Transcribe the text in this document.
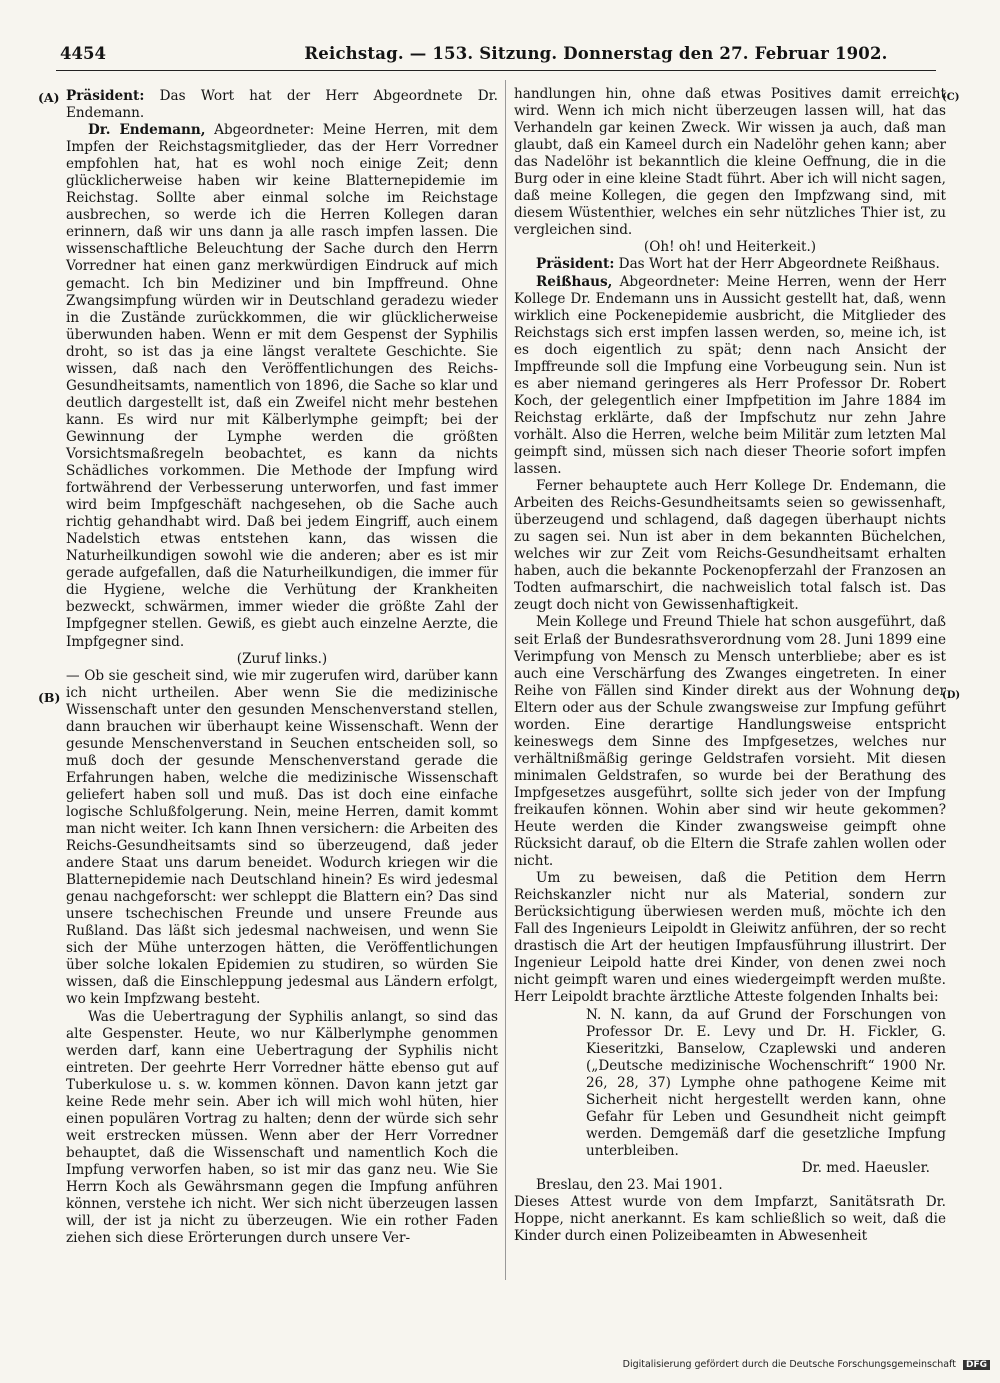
4454	Reichstag. — 153. Sitzung. Donnerstag den 27. Februar 1902.
(A)
(B)
(C)
(D)

Präsident: Das Wort hat der Herr Abgeordnete Dr. Endemann.

Dr. Endemann, Abgeordneter: Meine Herren, mit dem Impfen der Reichstagsmitglieder, das der Herr Vorredner empfohlen hat, hat es wohl noch einige Zeit; denn glücklicherweise haben wir keine Blatternepidemie im Reichstag. Sollte aber einmal solche im Reichstage ausbrechen, so werde ich die Herren Kollegen daran erinnern, daß wir uns dann ja alle rasch impfen lassen. Die wissenschaftliche Beleuchtung der Sache durch den Herrn Vorredner hat einen ganz merkwürdigen Eindruck auf mich gemacht. Ich bin Mediziner und bin Impffreund. Ohne Zwangsimpfung würden wir in Deutschland geradezu wieder in die Zustände zurückkommen, die wir glücklicherweise überwunden haben. Wenn er mit dem Gespenst der Syphilis droht, so ist das ja eine längst veraltete Geschichte. Sie wissen, daß nach den Veröffentlichungen des Reichs-Gesundheitsamts, namentlich von 1896, die Sache so klar und deutlich dargestellt ist, daß ein Zweifel nicht mehr bestehen kann. Es wird nur mit Kälberlymphe geimpft; bei der Gewinnung der Lymphe werden die größten Vorsichtsmaßregeln beobachtet, es kann da nichts Schädliches vorkommen. Die Methode der Impfung wird fortwährend der Verbesserung unterworfen, und fast immer wird beim Impfgeschäft nachgesehen, ob die Sache auch richtig gehandhabt wird. Daß bei jedem Eingriff, auch einem Nadelstich etwas entstehen kann, das wissen die Naturheilkundigen sowohl wie die anderen; aber es ist mir gerade aufgefallen, daß die Naturheilkundigen, die immer für die Hygiene, welche die Verhütung der Krankheiten bezweckt, schwärmen, immer wieder die größte Zahl der Impfgegner stellen. Gewiß, es giebt auch einzelne Aerzte, die Impfgegner sind.

(Zuruf links.)

— Ob sie gescheit sind, wie mir zugerufen wird, darüber kann ich nicht urtheilen. Aber wenn Sie die medizinische Wissenschaft unter den gesunden Menschenverstand stellen, dann brauchen wir überhaupt keine Wissenschaft. Wenn der gesunde Menschenverstand in Seuchen entscheiden soll, so muß doch der gesunde Menschenverstand gerade die Erfahrungen haben, welche die medizinische Wissenschaft geliefert haben soll und muß. Das ist doch eine einfache logische Schlußfolgerung. Nein, meine Herren, damit kommt man nicht weiter. Ich kann Ihnen versichern: die Arbeiten des Reichs-Gesundheitsamts sind so überzeugend, daß jeder andere Staat uns darum beneidet. Wodurch kriegen wir die Blatternepidemie nach Deutschland hinein? Es wird jedesmal genau nachgeforscht: wer schleppt die Blattern ein? Das sind unsere tschechischen Freunde und unsere Freunde aus Rußland. Das läßt sich jedesmal nachweisen, und wenn Sie sich der Mühe unterzogen hätten, die Veröffentlichungen über solche lokalen Epidemien zu studiren, so würden Sie wissen, daß die Einschleppung jedesmal aus Ländern erfolgt, wo kein Impfzwang besteht.

Was die Uebertragung der Syphilis anlangt, so sind das alte Gespenster. Heute, wo nur Kälberlymphe genommen werden darf, kann eine Uebertragung der Syphilis nicht eintreten. Der geehrte Herr Vorredner hätte ebenso gut auf Tuberkulose u. s. w. kommen können. Davon kann jetzt gar keine Rede mehr sein. Aber ich will mich wohl hüten, hier einen populären Vortrag zu halten; denn der würde sich sehr weit erstrecken müssen. Wenn aber der Herr Vorredner behauptet, daß die Wissenschaft und namentlich Koch die Impfung verworfen haben, so ist mir das ganz neu. Wie Sie Herrn Koch als Gewährsmann gegen die Impfung anführen können, verstehe ich nicht. Wer sich nicht überzeugen lassen will, der ist ja nicht zu überzeugen. Wie ein rother Faden ziehen sich diese Erörterungen durch unsere Ver-

handlungen hin, ohne daß etwas Positives damit erreicht wird. Wenn ich mich nicht überzeugen lassen will, hat das Verhandeln gar keinen Zweck. Wir wissen ja auch, daß man glaubt, daß ein Kameel durch ein Nadelöhr gehen kann; aber das Nadelöhr ist bekanntlich die kleine Oeffnung, die in die Burg oder in eine kleine Stadt führt. Aber ich will nicht sagen, daß meine Kollegen, die gegen den Impfzwang sind, mit diesem Wüstenthier, welches ein sehr nützliches Thier ist, zu vergleichen sind.

(Oh! oh! und Heiterkeit.)

Präsident: Das Wort hat der Herr Abgeordnete Reißhaus.

Reißhaus, Abgeordneter: Meine Herren, wenn der Herr Kollege Dr. Endemann uns in Aussicht gestellt hat, daß, wenn wirklich eine Pockenepidemie ausbricht, die Mitglieder des Reichstags sich erst impfen lassen werden, so, meine ich, ist es doch eigentlich zu spät; denn nach Ansicht der Impffreunde soll die Impfung eine Vorbeugung sein. Nun ist es aber niemand geringeres als Herr Professor Dr. Robert Koch, der gelegentlich einer Impfpetition im Jahre 1884 im Reichstag erklärte, daß der Impfschutz nur zehn Jahre vorhält. Also die Herren, welche beim Militär zum letzten Mal geimpft sind, müssen sich nach dieser Theorie sofort impfen lassen.

Ferner behauptete auch Herr Kollege Dr. Endemann, die Arbeiten des Reichs-Gesundheitsamts seien so gewissenhaft, überzeugend und schlagend, daß dagegen überhaupt nichts zu sagen sei. Nun ist aber in dem bekannten Büchelchen, welches wir zur Zeit vom Reichs-Gesundheitsamt erhalten haben, auch die bekannte Pockenopferzahl der Franzosen an Todten aufmarschirt, die nachweislich total falsch ist. Das zeugt doch nicht von Gewissenhaftigkeit.

Mein Kollege und Freund Thiele hat schon ausgeführt, daß seit Erlaß der Bundesrathsverordnung vom 28. Juni 1899 eine Verimpfung von Mensch zu Mensch unterbliebe; aber es ist auch eine Verschärfung des Zwanges eingetreten. In einer Reihe von Fällen sind Kinder direkt aus der Wohnung der Eltern oder aus der Schule zwangsweise zur Impfung geführt worden. Eine derartige Handlungsweise entspricht keineswegs dem Sinne des Impfgesetzes, welches nur verhältnißmäßig geringe Geldstrafen vorsieht. Mit diesen minimalen Geldstrafen, so wurde bei der Berathung des Impfgesetzes ausgeführt, sollte sich jeder von der Impfung freikaufen können. Wohin aber sind wir heute gekommen? Heute werden die Kinder zwangsweise geimpft ohne Rücksicht darauf, ob die Eltern die Strafe zahlen wollen oder nicht.

Um zu beweisen, daß die Petition dem Herrn Reichskanzler nicht nur als Material, sondern zur Berücksichtigung überwiesen werden muß, möchte ich den Fall des Ingenieurs Leipoldt in Gleiwitz anführen, der so recht drastisch die Art der heutigen Impfausführung illustrirt. Der Ingenieur Leipold hatte drei Kinder, von denen zwei noch nicht geimpft waren und eines wiedergeimpft werden mußte. Herr Leipoldt brachte ärztliche Atteste folgenden Inhalts bei:

N. N. kann, da auf Grund der Forschungen von Professor Dr. E. Levy und Dr. H. Fickler, G. Kieseritzki, Banselow, Czaplewski und anderen („Deutsche medizinische Wochenschrift“ 1900 Nr. 26, 28, 37) Lymphe ohne pathogene Keime mit Sicherheit nicht hergestellt werden kann, ohne Gefahr für Leben und Gesundheit nicht geimpft werden. Demgemäß darf die gesetzliche Impfung unterbleiben.

Dr. med. Haeusler.

Breslau, den 23. Mai 1901.

Dieses Attest wurde von dem Impfarzt, Sanitätsrath Dr. Hoppe, nicht anerkannt. Es kam schließlich so weit, daß die Kinder durch einen Polizeibeamten in Abwesenheit

Digitalisierung gefördert durch die Deutsche Forschungsgemeinschaft DFG
